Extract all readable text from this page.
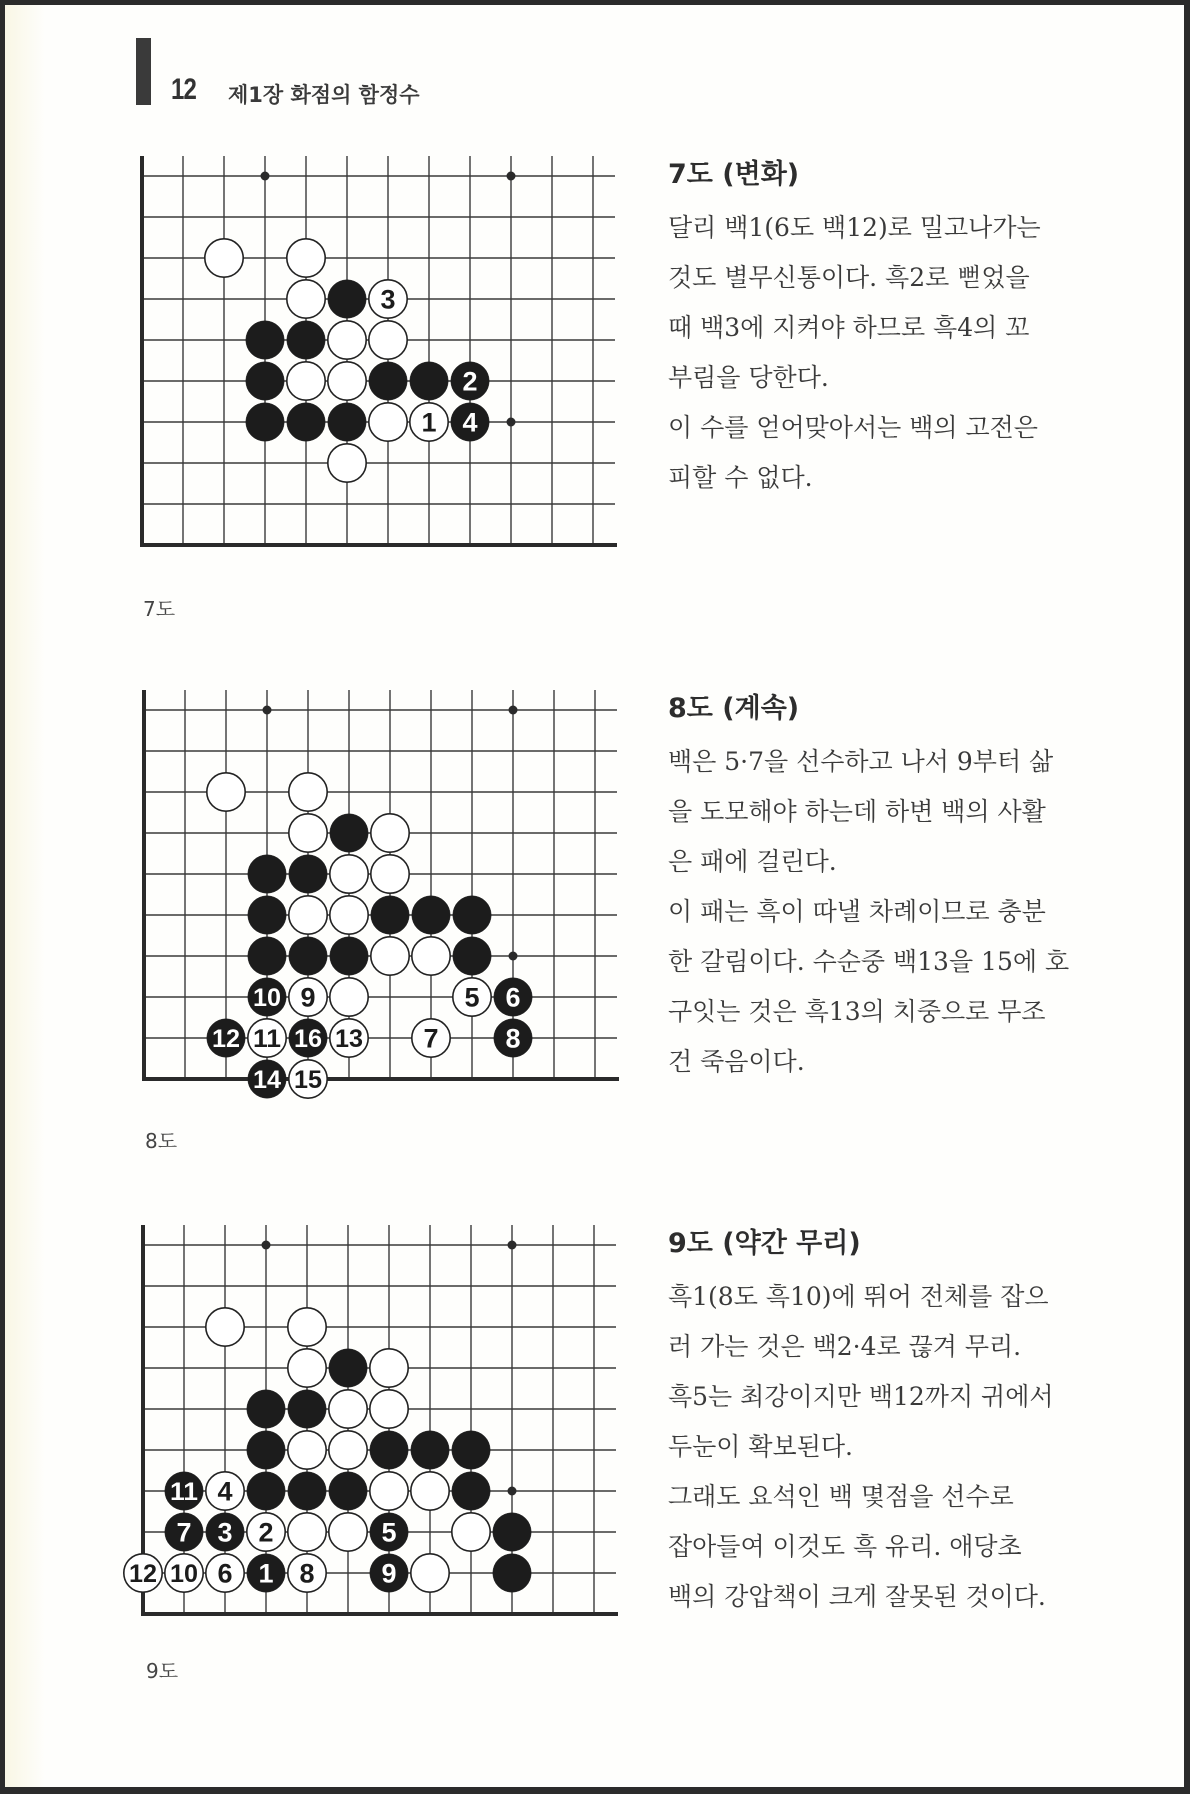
12 제1장 화점의 함정수
3
2
1 4
10 9	5 6
12 11 16 13 7 8
14 15
11 4
7 3 2	5
12 10 6 1 8 9
7도
7도 (변화)
달리 백1(6도 백12)로 밀고나가는
것도 별무신통이다. 흑2로 뻗었을
때 백3에 지켜야 하므로 흑4의 꼬
부림을 당한다.
이 수를 얻어맞아서는 백의 고전은
피할 수 없다.
8도
8도 (계속)
백은 5·7을 선수하고 나서 9부터 삶
을 도모해야 하는데 하변 백의 사활
은 패에 걸린다.
이 패는 흑이 따낼 차례이므로 충분
한 갈림이다. 수순중 백13을 15에 호
구잇는 것은 흑13의 치중으로 무조
건 죽음이다.
9도
9도 (약간 무리)
흑1(8도 흑10)에 뛰어 전체를 잡으
러 가는 것은 백2·4로 끊겨 무리.
흑5는 최강이지만 백12까지 귀에서
두눈이 확보된다.
그래도 요석인 백 몇점을 선수로
잡아들여 이것도 흑 유리. 애당초
백의 강압책이 크게 잘못된 것이다.
